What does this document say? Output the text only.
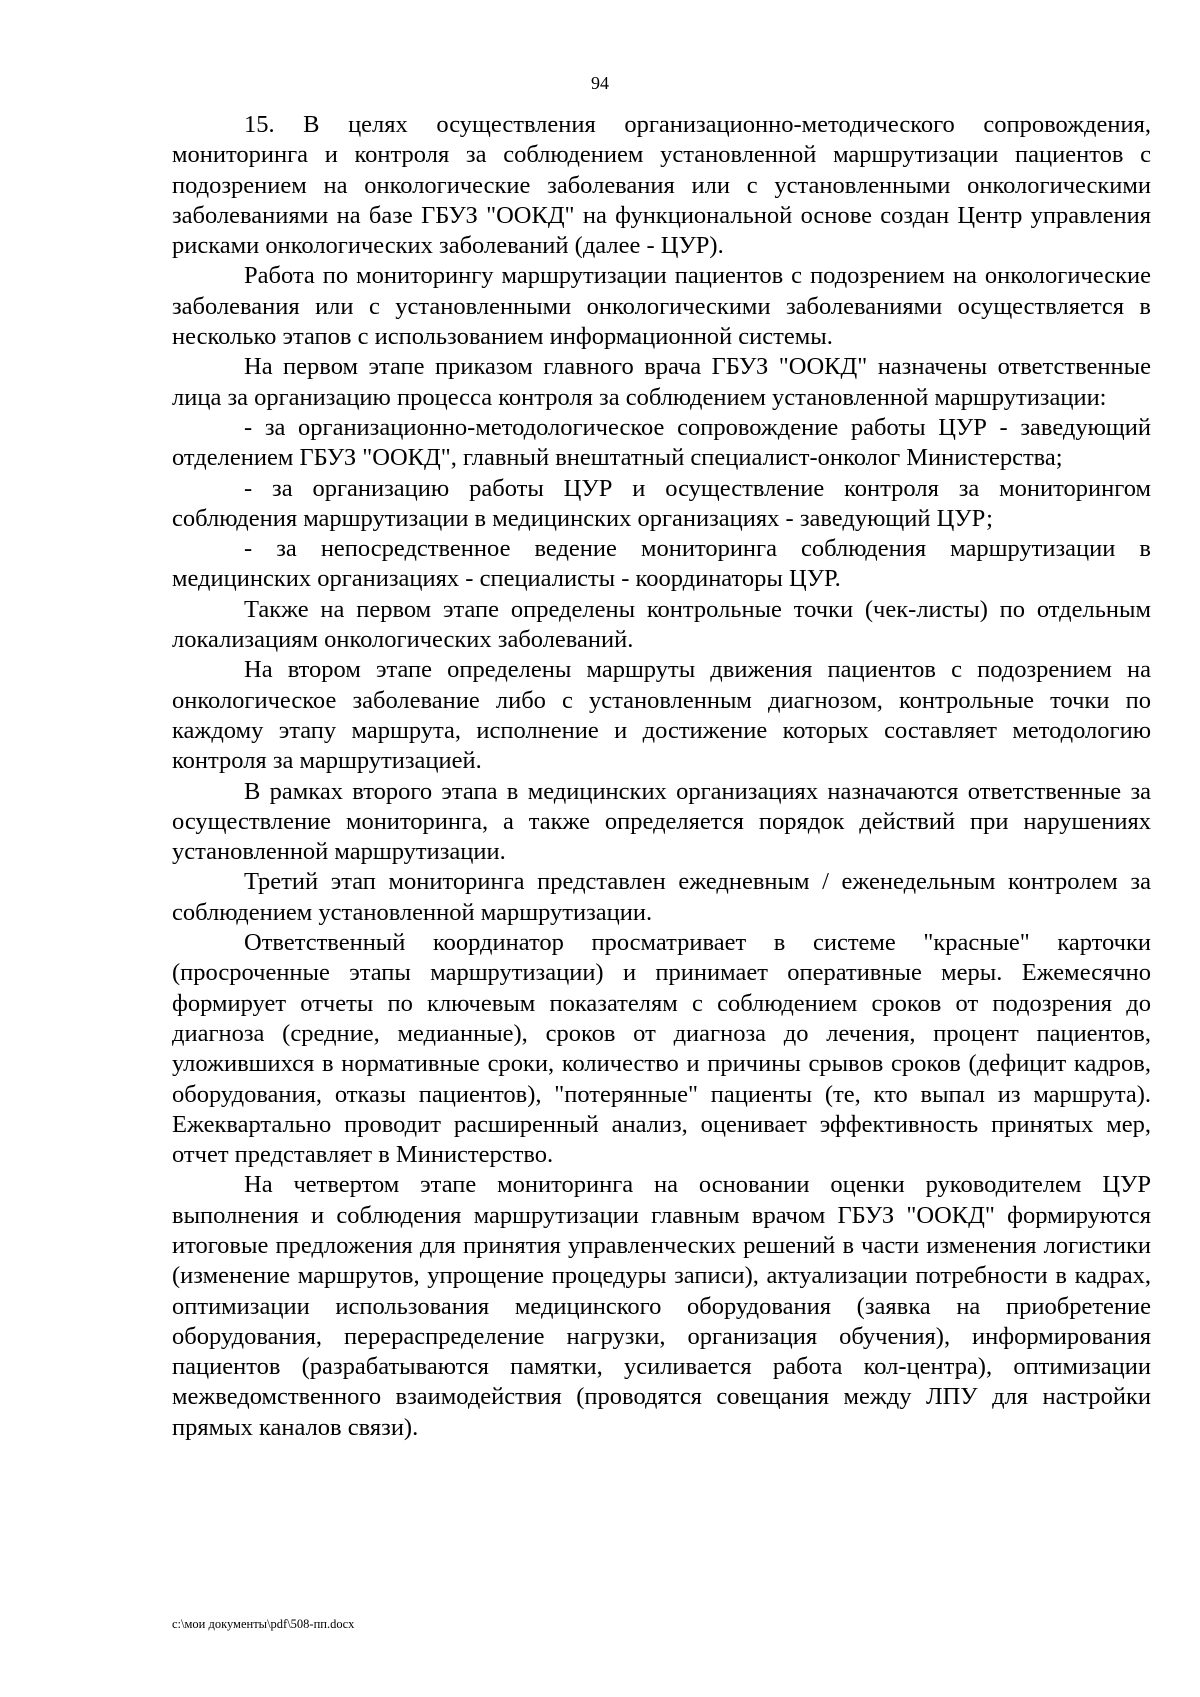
94

15. В целях осуществления организационно-методического сопровождения, мониторинга и контроля за соблюдением установленной маршрутизации пациентов с подозрением на онкологические заболевания или с установленными онкологическими заболеваниями на базе ГБУЗ "ООКД" на функциональной основе создан Центр управления рисками онкологических заболеваний (далее - ЦУР).

Работа по мониторингу маршрутизации пациентов с подозрением на онкологические заболевания или с установленными онкологическими заболеваниями осуществляется в несколько этапов с использованием информационной системы.

На первом этапе приказом главного врача ГБУЗ "ООКД" назначены ответственные лица за организацию процесса контроля за соблюдением установленной маршрутизации:

- за организационно-методологическое сопровождение работы ЦУР - заведующий отделением ГБУЗ "ООКД", главный внештатный специалист-онколог Министерства;

- за организацию работы ЦУР и осуществление контроля за мониторингом соблюдения маршрутизации в медицинских организациях - заведующий ЦУР;

- за непосредственное ведение мониторинга соблюдения маршрутизации в медицинских организациях - специалисты - координаторы ЦУР.

Также на первом этапе определены контрольные точки (чек-листы) по отдельным локализациям онкологических заболеваний.

На втором этапе определены маршруты движения пациентов с подозрением на онкологическое заболевание либо с установленным диагнозом, контрольные точки по каждому этапу маршрута, исполнение и достижение которых составляет методологию контроля за маршрутизацией.

В рамках второго этапа в медицинских организациях назначаются ответственные за осуществление мониторинга, а также определяется порядок действий при нарушениях установленной маршрутизации.

Третий этап мониторинга представлен ежедневным / еженедельным контролем за соблюдением установленной маршрутизации.

Ответственный координатор просматривает в системе "красные" карточки (просроченные этапы маршрутизации) и принимает оперативные меры. Ежемесячно формирует отчеты по ключевым показателям с соблюдением сроков от подозрения до диагноза (средние, медианные), сроков от диагноза до лечения, процент пациентов, уложившихся в нормативные сроки, количество и причины срывов сроков (дефицит кадров, оборудования, отказы пациентов), "потерянные" пациенты (те, кто выпал из маршрута). Ежеквартально проводит расширенный анализ, оценивает эффективность принятых мер, отчет представляет в Министерство.

На четвертом этапе мониторинга на основании оценки руководителем ЦУР выполнения и соблюдения маршрутизации главным врачом ГБУЗ "ООКД" формируются итоговые предложения для принятия управленческих решений в части изменения логистики (изменение маршрутов, упрощение процедуры записи), актуализации потребности в кадрах, оптимизации использования медицинского оборудования (заявка на приобретение оборудования, перераспределение нагрузки, организация обучения), информирования пациентов (разрабатываются памятки, усиливается работа кол-центра), оптимизации межведомственного взаимодействия (проводятся совещания между ЛПУ для настройки прямых каналов связи).

c:\мои документы\pdf\508-пп.docx
